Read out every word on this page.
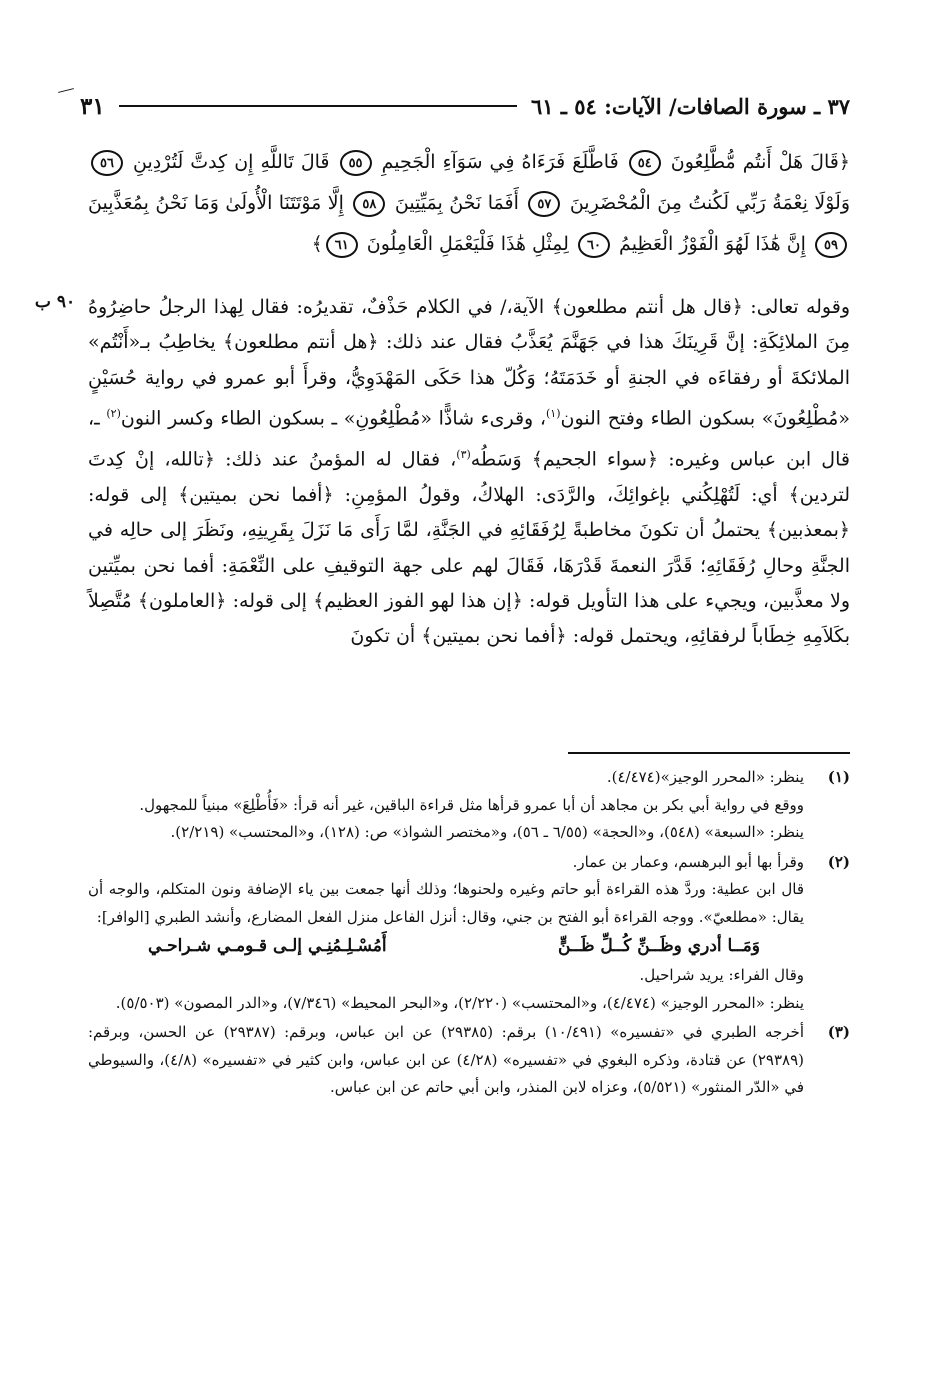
٣٧ ـ سورة الصافات/ الآيات: ٥٤ ـ ٦١
٣١
﴿قَالَ هَلْ أَنتُم مُّطَّلِعُونَ ٥٤ فَاطَّلَعَ فَرَءَاهُ فِي سَوَآءِ الْجَحِيمِ ٥٥ قَالَ تَاللَّهِ إِن كِدتَّ لَتُرْدِينِ ٥٦ وَلَوْلَا نِعْمَةُ رَبِّي لَكُنتُ مِنَ الْمُحْضَرِينَ ٥٧ أَفَمَا نَحْنُ بِمَيِّتِينَ ٥٨ إِلَّا مَوْتَتَنَا الْأُولَىٰ وَمَا نَحْنُ بِمُعَذَّبِينَ ٥٩ إِنَّ هَٰذَا لَهُوَ الْفَوْزُ الْعَظِيمُ ٦٠ لِمِثْلِ هَٰذَا فَلْيَعْمَلِ الْعَامِلُونَ ٦١﴾
٩٠ ب وقوله تعالى: ﴿قال هل أنتم مطلعون﴾ الآية،/ في الكلام حَذْفٌ، تقديرُه: فقال لِهذا الرجلُ حاضِرُوهُ مِنَ الملائِكَةِ: إنَّ قَرِينَكَ هذا في جَهَنَّمَ يُعَذَّبُ فقال عند ذلك: ﴿هل أنتم مطلعون﴾ يخاطِبُ بـ«أَنْتُم» الملائكةَ أو رفقاءَه في الجنةِ أو خَدَمَتَهُ؛ وَكُلّ هذا حَكَى المَهْدَوِيُّ، وقرأَ أبو عمرو في رواية حُسَيْنٍ «مُطْلِعُونَ» بسكون الطاء وفتح النون$^{(١)}$، وقرىء شاذًّا «مُطْلِعُونِ» ـ بسكون الطاء وكسر النون$^{(٢)}$ ـ، قال ابن عباس وغيره: ﴿سواء الجحيم﴾ وَسَطُه$^{(٣)}$، فقال له المؤمنُ عند ذلك: ﴿تالله، إنْ كِدتَ لتردين﴾ أي: لَتُهْلِكُني بإغوائِكَ، والرَّدَى: الهلاكُ، وقولُ المؤمِنِ: ﴿أفما نحن بميتين﴾ إلى قوله: ﴿بمعذبين﴾ يحتملُ أن تكونَ مخاطبةً لِرُفَقَائِهِ في الجَنَّةِ، لمَّا رَأَى مَا نَزَلَ بِقَرِينِهِ، ونَظَرَ إلى حالِه في الجنَّةِ وحالِ رُفَقَائِهِ؛ قَدَّرَ النعمةَ قَدْرَهَا، فَقَالَ لهم على جهة التوقيفِ على النِّعْمَةِ: أفما نحن بميِّتين ولا معذَّبين، ويجيء على هذا التأويل قوله: ﴿إن هذا لهو الفوز العظيم﴾ إلى قوله: ﴿العاملون﴾ مُتَّصِلاً بكَلاَمِهِ خِطَاباً لرفقائِهِ، ويحتمل قوله: ﴿أفما نحن بميتين﴾ أن تكونَ

(١)

ينظر: «المحرر الوجيز»(٤/٤٧٤).

ووقع في رواية أبي بكر بن مجاهد أن أبا عمرو قرأها مثل قراءة الباقين، غير أنه قرأ: «فَأُطْلِعَ» مبنياً للمجهول.

ينظر: «السبعة» (٥٤٨)، و«الحجة» (٦/٥٥ ـ ٥٦)، و«مختصر الشواذ» ص: (١٢٨)، و«المحتسب» (٢/٢١٩).

(٢)

وقرأ بها أبو البرهسم، وعمار بن عمار.

قال ابن عطية: وردَّ هذه القراءة أبو حاتم وغيره ولحنوها؛ وذلك أنها جمعت بين ياء الإضافة ونون المتكلم، والوجه أن يقال: «مطلعيّ». ووجه القراءة أبو الفتح بن جني، وقال: أنزل الفاعل منزل الفعل المضارع، وأنشد الطبري [الوافر]:

وَمَــا أدري وظَــنِّ كُــلِّ ظَــنٍّ
أَمُسْـلِـمُنِـي إلـى قـومـي شـراحـي

وقال الفراء: يريد شراحيل.

ينظر: «المحرر الوجيز» (٤/٤٧٤)، و«المحتسب» (٢/٢٢٠)، و«البحر المحيط» (٧/٣٤٦)، و«الدر المصون» (٥/٥٠٣).

(٣)

أخرجه الطبري في «تفسيره» (١٠/٤٩١) برقم: (٢٩٣٨٥) عن ابن عباس، وبرقم: (٢٩٣٨٧) عن الحسن، وبرقم: (٢٩٣٨٩) عن قتادة، وذكره البغوي في «تفسيره» (٤/٢٨) عن ابن عباس، وابن كثير في «تفسيره» (٤/٨)، والسيوطي في «الدّر المنثور» (٥/٥٢١)، وعزاه لابن المنذر، وابن أبي حاتم عن ابن عباس.
